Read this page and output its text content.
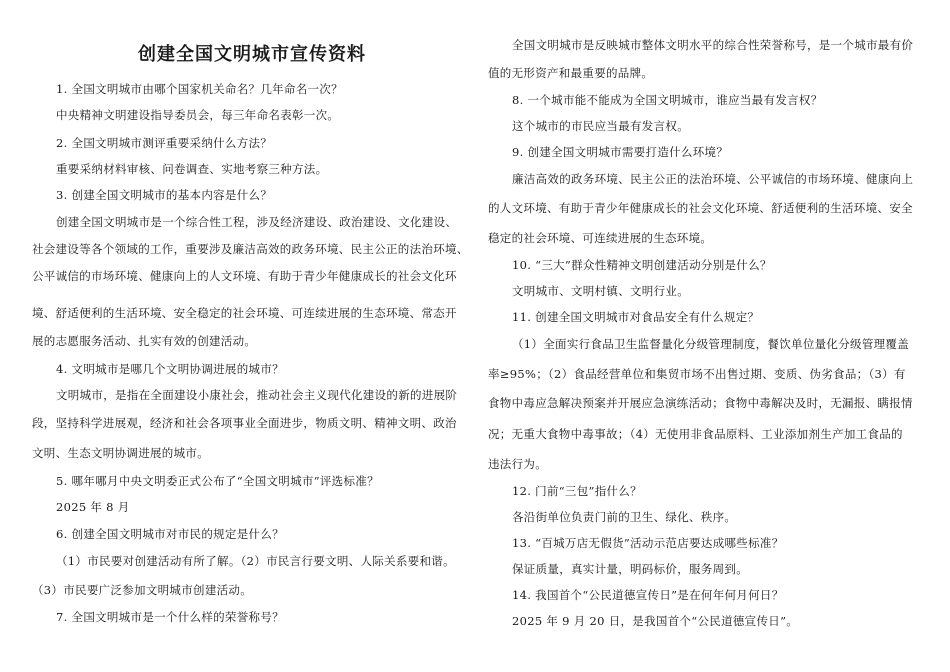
创建全国文明城市宣传资料
1. 全国文明城市由哪个国家机关命名？几年命名一次？
中央精神文明建设指导委员会，每三年命名表彰一次。
2. 全国文明城市测评重要采纳什么方法？
重要采纳材料审核、问卷调查、实地考察三种方法。
3. 创建全国文明城市的基本内容是什么？
创建全国文明城市是一个综合性工程，涉及经济建设、政治建设、文化建设、
社会建设等各个领域的工作，重要涉及廉洁高效的政务环境、民主公正的法治环境、
公平诚信的市场环境、健康向上的人文环境、有助于青少年健康成长的社会文化环
境、舒适便利的生活环境、安全稳定的社会环境、可连续进展的生态环境、常态开
展的志愿服务活动、扎实有效的创建活动。
4. 文明城市是哪几个文明协调进展的城市？
文明城市，是指在全面建设小康社会，推动社会主义现代化建设的新的进展阶
段，坚持科学进展观，经济和社会各项事业全面进步，物质文明、精神文明、政治
文明、生态文明协调进展的城市。
5. 哪年哪月中央文明委正式公布了“全国文明城市”评选标准？
2025 年 8 月
6. 创建全国文明城市对市民的规定是什么？
（1）市民要对创建活动有所了解。（2）市民言行要文明、人际关系要和谐。
（3）市民要广泛参加文明城市创建活动。
7. 全国文明城市是一个什么样的荣誉称号？
全国文明城市是反映城市整体文明水平的综合性荣誉称号，是一个城市最有价
值的无形资产和最重要的品牌。
8. 一个城市能不能成为全国文明城市，谁应当最有发言权？
这个城市的市民应当最有发言权。
9. 创建全国文明城市需要打造什么环境？
廉洁高效的政务环境、民主公正的法治环境、公平诚信的市场环境、健康向上
的人文环境、有助于青少年健康成长的社会文化环境、舒适便利的生活环境、安全
稳定的社会环境、可连续进展的生态环境。
10. “三大”群众性精神文明创建活动分别是什么？
文明城市、文明村镇、文明行业。
11. 创建全国文明城市对食品安全有什么规定？
（1）全面实行食品卫生监督量化分级管理制度，餐饮单位量化分级管理覆盖
率≥95%；（2）食品经营单位和集贸市场不出售过期、变质、伪劣食品；（3）有
食物中毒应急解决预案并开展应急演练活动；食物中毒解决及时，无漏报、瞒报情
况；无重大食物中毒事故；（4）无使用非食品原料、工业添加剂生产加工食品的
违法行为。
12. 门前“三包”指什么？
各沿街单位负责门前的卫生、绿化、秩序。
13. “百城万店无假货”活动示范店要达成哪些标准？
保证质量，真实计量，明码标价，服务周到。
14. 我国首个“公民道德宣传日”是在何年何月何日？
2025 年 9 月 20 日，是我国首个“公民道德宣传日”。
